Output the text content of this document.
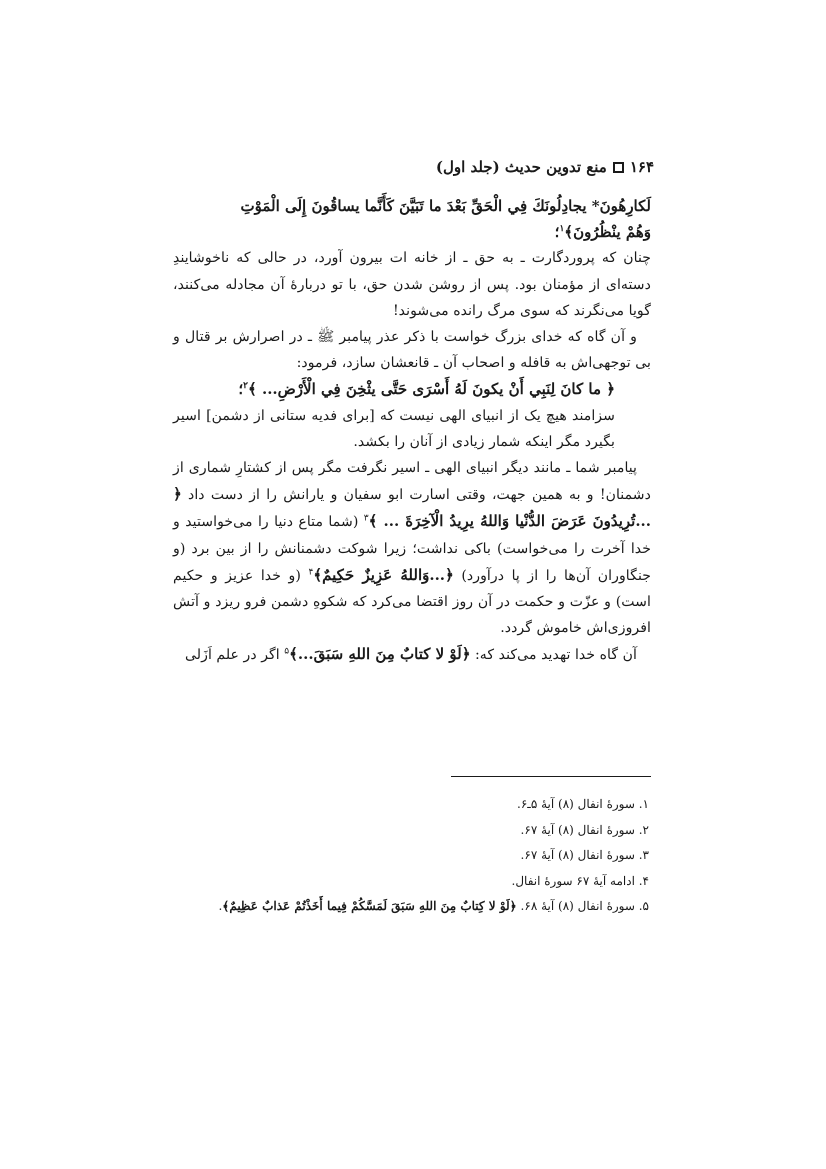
۱۶۴
منع تدوین حدیث (جلد اول)

لَكارِهُونَ* يجادِلُونَكَ فِي الْحَقِّ بَعْدَ ما تَبَيَّنَ كَأَنَّما يساقُونَ إِلَى الْمَوْتِ
وَهُمْ ينْظُرُونَ﴾$^۱$؛

چنان که پروردگارت ـ به حق ـ از خانه ات بیرون آورد، در حالی که ناخوشایندِ دسته‌ای از مؤمنان بود. پس از روشن شدن حق، با تو دربارهٔ آن مجادله می‌کنند، گویا می‌نگرند که سوی مرگ رانده می‌شوند!

و آن گاه که خدای بزرگ خواست با ذکر عذر پیامبر ﷺ ـ در اصرارش بر قتال و بی توجهی‌اش به قافله و اصحاب آن ـ قانعشان سازد، فرمود:

﴿ ما كانَ لِنَبِي أَنْ يكونَ لَهُ أَسْرَى حَتَّى يثْخِنَ فِي الْأَرْضِ... ﴾$^۲$؛

سزامند هیچ یک از انبیای الهی نیست که [برای فدیه ستانی از دشمن] اسیر بگیرد مگر اینکه شمار زیادی از آنان را بکشد.

پیامبر شما ـ مانند دیگر انبیای الهی ـ اسیر نگرفت مگر پس از کشتارِ شماری از دشمنان! و به همین جهت، وقتی اسارت ابو سفیان و یارانش را از دست داد ﴿ ...تُرِيدُونَ عَرَضَ الدُّنْيا وَاللهُ يرِيدُ الْآخِرَةَ ... ﴾$^۳$ (شما متاع دنیا را می‌خواستید و خدا آخرت را می‌خواست) باکی نداشت؛ زیرا شوکت دشمنانش را از بین برد (و جنگاوران آن‌ها را از پا درآورد) ﴿...وَاللهُ عَزِيزٌ حَكِيمٌ﴾$^۴$ (و خدا عزیز و حکیم است) و عزّت و حکمت در آن روز اقتضا می‌کرد که شکوهِ دشمن فرو ریزد و آتش افروزی‌اش خاموش گردد.

آن گاه خدا تهدید می‌کند که: ﴿لَوْ لا كتابٌ مِنَ اللهِ سَبَقَ...﴾$^۵$ اگر در علم اَزَلی

۱. سورهٔ انفال (۸) آیهٔ ۵ـ۶.
۲. سورهٔ انفال (۸) آیهٔ ۶۷.
۳. سورهٔ انفال (۸) آیهٔ ۶۷.
۴. ادامه آیهٔ ۶۷ سورهٔ انفال.
۵. سورهٔ انفال (۸) آیهٔ ۶۸. ﴿لَوْ لا كِتابٌ مِنَ اللهِ سَبَقَ لَمَسَّكُمْ فِيما أَخَذْتُمْ عَذابٌ عَظِيمٌ﴾.
